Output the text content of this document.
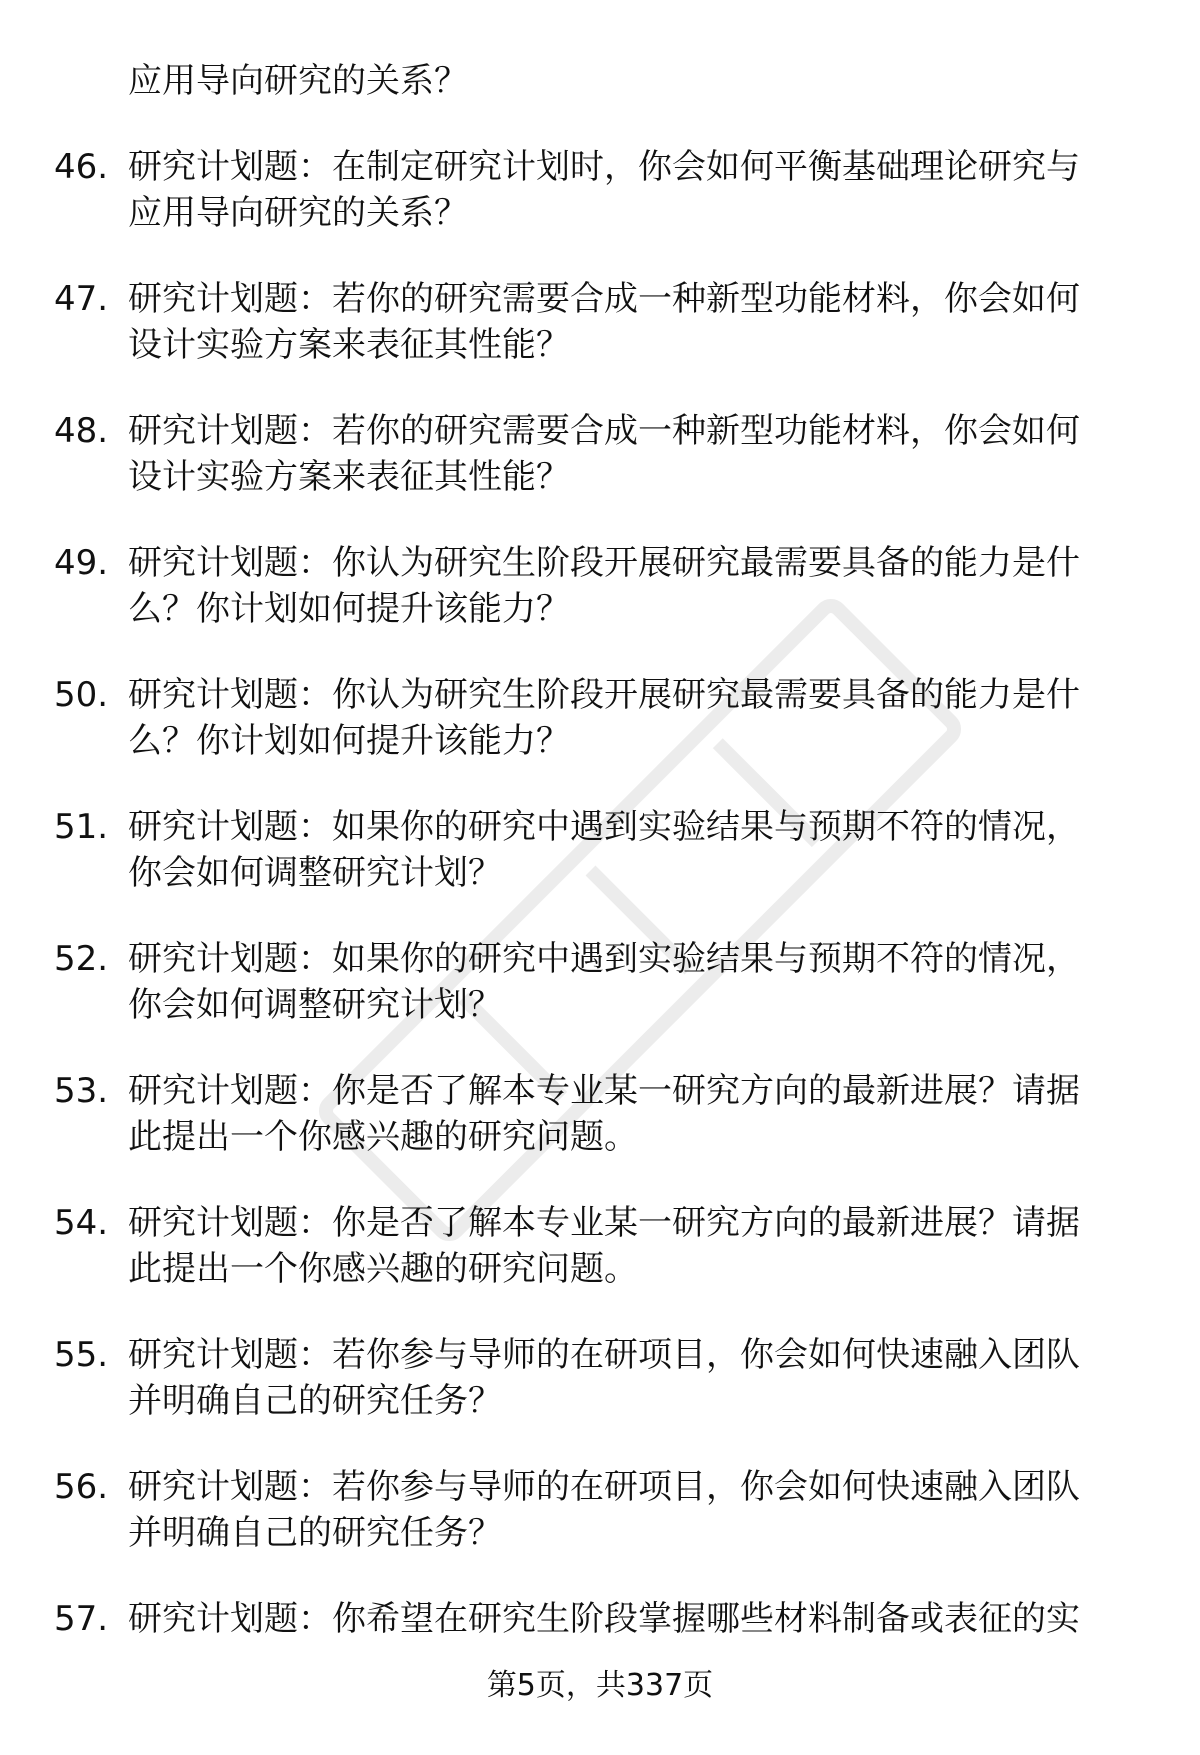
应用导向研究的关系？
46. 研究计划题：在制定研究计划时，你会如何平衡基础理论研究与
应用导向研究的关系？
47. 研究计划题：若你的研究需要合成一种新型功能材料，你会如何
设计实验方案来表征其性能？
48. 研究计划题：若你的研究需要合成一种新型功能材料，你会如何
设计实验方案来表征其性能？
49. 研究计划题：你认为研究生阶段开展研究最需要具备的能力是什
么？你计划如何提升该能力？
50. 研究计划题：你认为研究生阶段开展研究最需要具备的能力是什
么？你计划如何提升该能力？
51. 研究计划题：如果你的研究中遇到实验结果与预期不符的情况，
你会如何调整研究计划？
52. 研究计划题：如果你的研究中遇到实验结果与预期不符的情况，
你会如何调整研究计划？
53. 研究计划题：你是否了解本专业某一研究方向的最新进展？请据
此提出一个你感兴趣的研究问题。
54. 研究计划题：你是否了解本专业某一研究方向的最新进展？请据
此提出一个你感兴趣的研究问题。
55. 研究计划题：若你参与导师的在研项目，你会如何快速融入团队
并明确自己的研究任务？
56. 研究计划题：若你参与导师的在研项目，你会如何快速融入团队
并明确自己的研究任务？
57. 研究计划题：你希望在研究生阶段掌握哪些材料制备或表征的实
第5页，共337页
